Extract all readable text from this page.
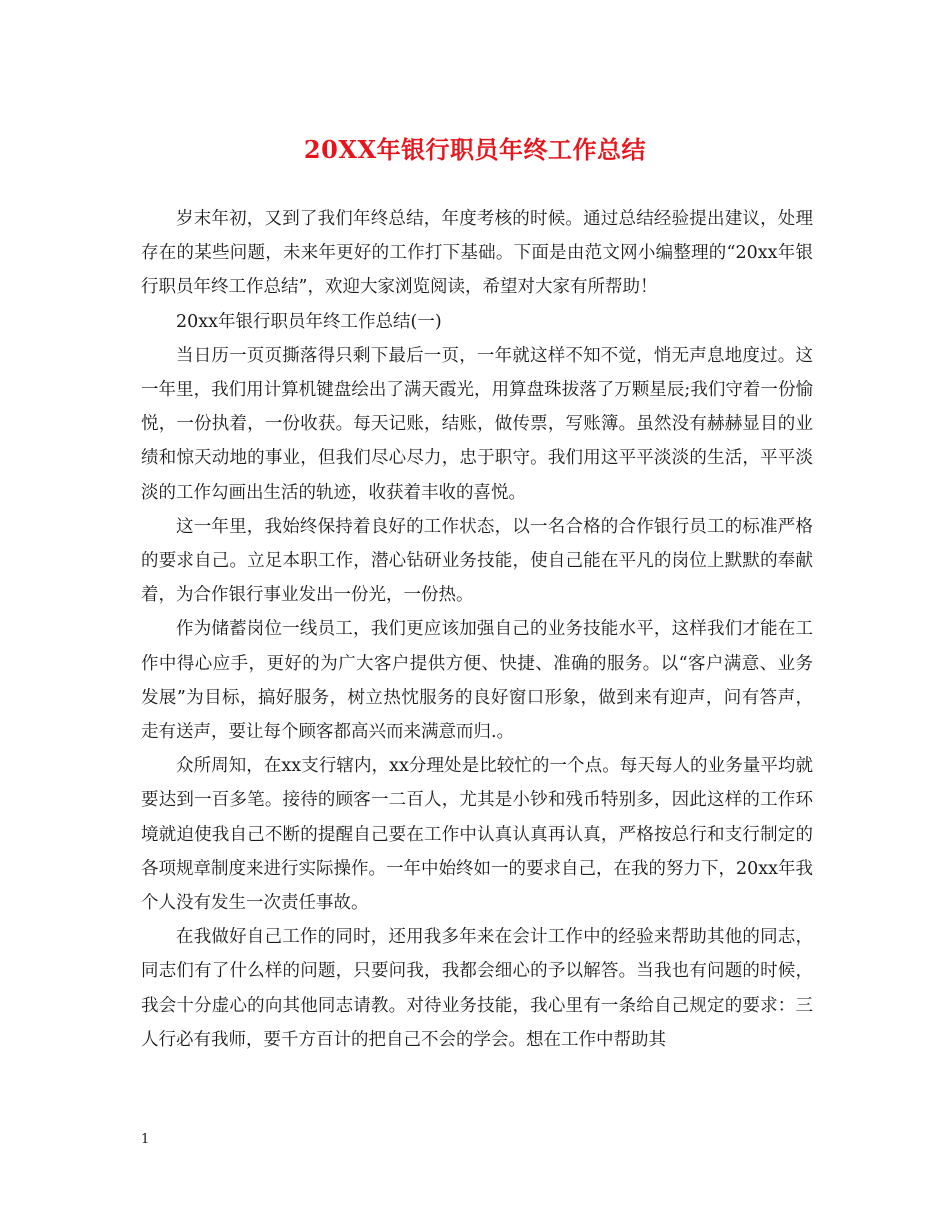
20XX年银行职员年终工作总结

岁末年初，又到了我们年终总结，年度考核的时候。通过总结经验提出建议，处理存在的某些问题，未来年更好的工作打下基础。下面是由范文网小编整理的“20xx年银行职员年终工作总结”，欢迎大家浏览阅读，希望对大家有所帮助！

20xx年银行职员年终工作总结(一)

当日历一页页撕落得只剩下最后一页，一年就这样不知不觉，悄无声息地度过。这一年里，我们用计算机键盘绘出了满天霞光，用算盘珠拔落了万颗星辰;我们守着一份愉悦，一份执着，一份收获。每天记账，结账，做传票，写账簿。虽然没有赫赫显目的业绩和惊天动地的事业，但我们尽心尽力，忠于职守。我们用这平平淡淡的生活，平平淡淡的工作勾画出生活的轨迹，收获着丰收的喜悦。

这一年里，我始终保持着良好的工作状态，以一名合格的合作银行员工的标准严格的要求自己。立足本职工作，潜心钻研业务技能，使自己能在平凡的岗位上默默的奉献着，为合作银行事业发出一份光，一份热。

作为储蓄岗位一线员工，我们更应该加强自己的业务技能水平，这样我们才能在工作中得心应手，更好的为广大客户提供方便、快捷、准确的服务。以“客户满意、业务发展”为目标，搞好服务，树立热忱服务的良好窗口形象，做到来有迎声，问有答声，走有送声，要让每个顾客都高兴而来满意而归.。

众所周知，在xx支行辖内，xx分理处是比较忙的一个点。每天每人的业务量平均就要达到一百多笔。接待的顾客一二百人，尤其是小钞和残币特别多，因此这样的工作环境就迫使我自己不断的提醒自己要在工作中认真认真再认真，严格按总行和支行制定的各项规章制度来进行实际操作。一年中始终如一的要求自己，在我的努力下，20xx年我个人没有发生一次责任事故。

在我做好自己工作的同时，还用我多年来在会计工作中的经验来帮助其他的同志，同志们有了什么样的问题，只要问我，我都会细心的予以解答。当我也有问题的时候，我会十分虚心的向其他同志请教。对待业务技能，我心里有一条给自己规定的要求：三人行必有我师，要千方百计的把自己不会的学会。想在工作中帮助其

1
